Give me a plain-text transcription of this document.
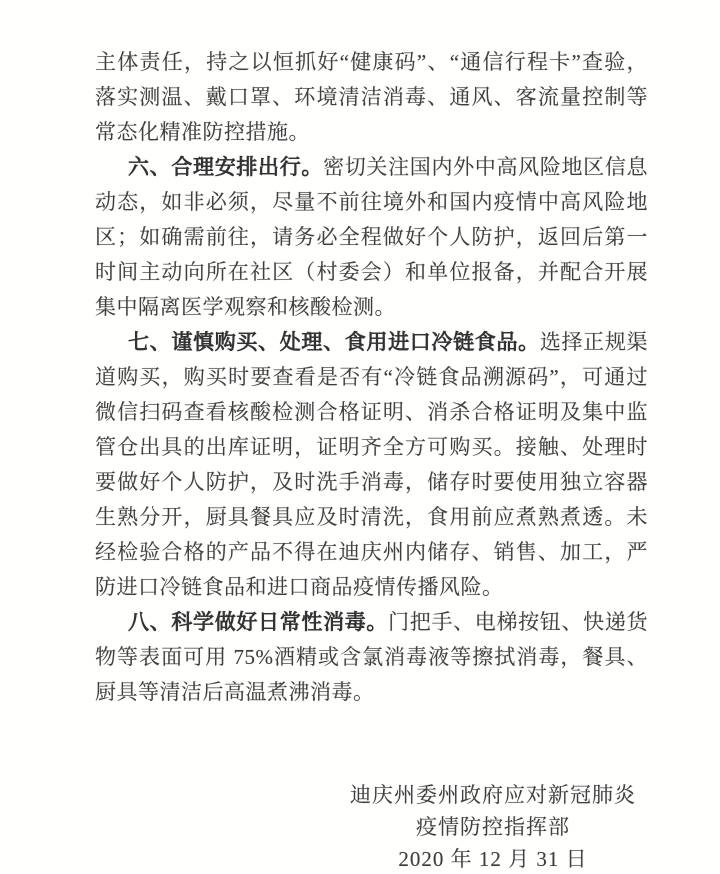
主体责任，持之以恒抓好“健康码”、“通信行程卡”查验，落实测温、戴口罩、环境清洁消毒、通风、客流量控制等常态化精准防控措施。

六、合理安排出行。密切关注国内外中高风险地区信息动态，如非必须，尽量不前往境外和国内疫情中高风险地区；如确需前往，请务必全程做好个人防护，返回后第一时间主动向所在社区（村委会）和单位报备，并配合开展集中隔离医学观察和核酸检测。

七、谨慎购买、处理、食用进口冷链食品。选择正规渠道购买，购买时要查看是否有“冷链食品溯源码”，可通过微信扫码查看核酸检测合格证明、消杀合格证明及集中监管仓出具的出库证明，证明齐全方可购买。接触、处理时要做好个人防护，及时洗手消毒，储存时要使用独立容器生熟分开，厨具餐具应及时清洗，食用前应煮熟煮透。未经检验合格的产品不得在迪庆州内储存、销售、加工，严防进口冷链食品和进口商品疫情传播风险。

八、科学做好日常性消毒。门把手、电梯按钮、快递货物等表面可用 75%酒精或含氯消毒液等擦拭消毒，餐具、厨具等清洁后高温煮沸消毒。

迪庆州委州政府应对新冠肺炎
疫情防控指挥部
2020 年 12 月 31 日
